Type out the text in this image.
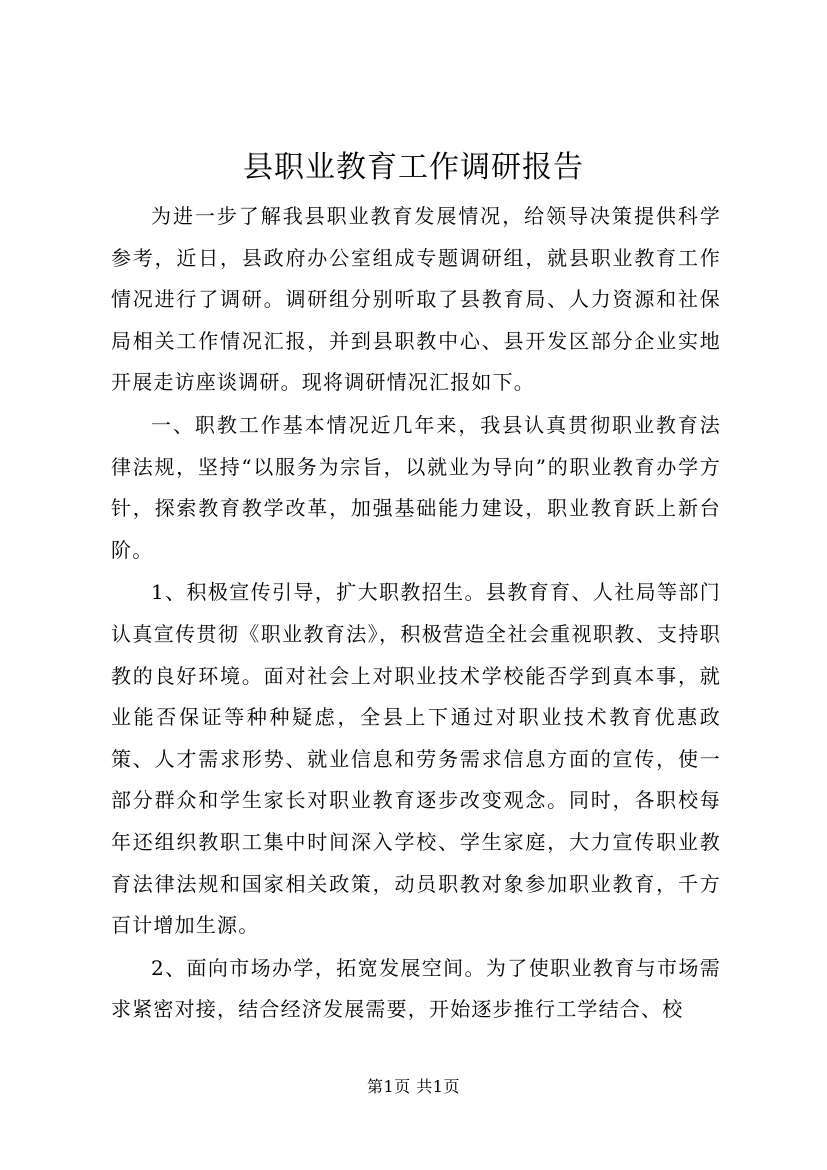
县职业教育工作调研报告

为进一步了解我县职业教育发展情况，给领导决策提供科学参考，近日，县政府办公室组成专题调研组，就县职业教育工作情况进行了调研。调研组分别听取了县教育局、人力资源和社保局相关工作情况汇报，并到县职教中心、县开发区部分企业实地开展走访座谈调研。现将调研情况汇报如下。

一、职教工作基本情况近几年来，我县认真贯彻职业教育法律法规，坚持“以服务为宗旨，以就业为导向”的职业教育办学方针，探索教育教学改革，加强基础能力建设，职业教育跃上新台阶。

1、积极宣传引导，扩大职教招生。县教育育、人社局等部门认真宣传贯彻《职业教育法》，积极营造全社会重视职教、支持职教的良好环境。面对社会上对职业技术学校能否学到真本事，就业能否保证等种种疑虑，全县上下通过对职业技术教育优惠政策、人才需求形势、就业信息和劳务需求信息方面的宣传，使一部分群众和学生家长对职业教育逐步改变观念。同时，各职校每年还组织教职工集中时间深入学校、学生家庭，大力宣传职业教育法律法规和国家相关政策，动员职教对象参加职业教育，千方百计增加生源。

2、面向市场办学，拓宽发展空间。为了使职业教育与市场需求紧密对接，结合经济发展需要，开始逐步推行工学结合、校

第1页 共1页
